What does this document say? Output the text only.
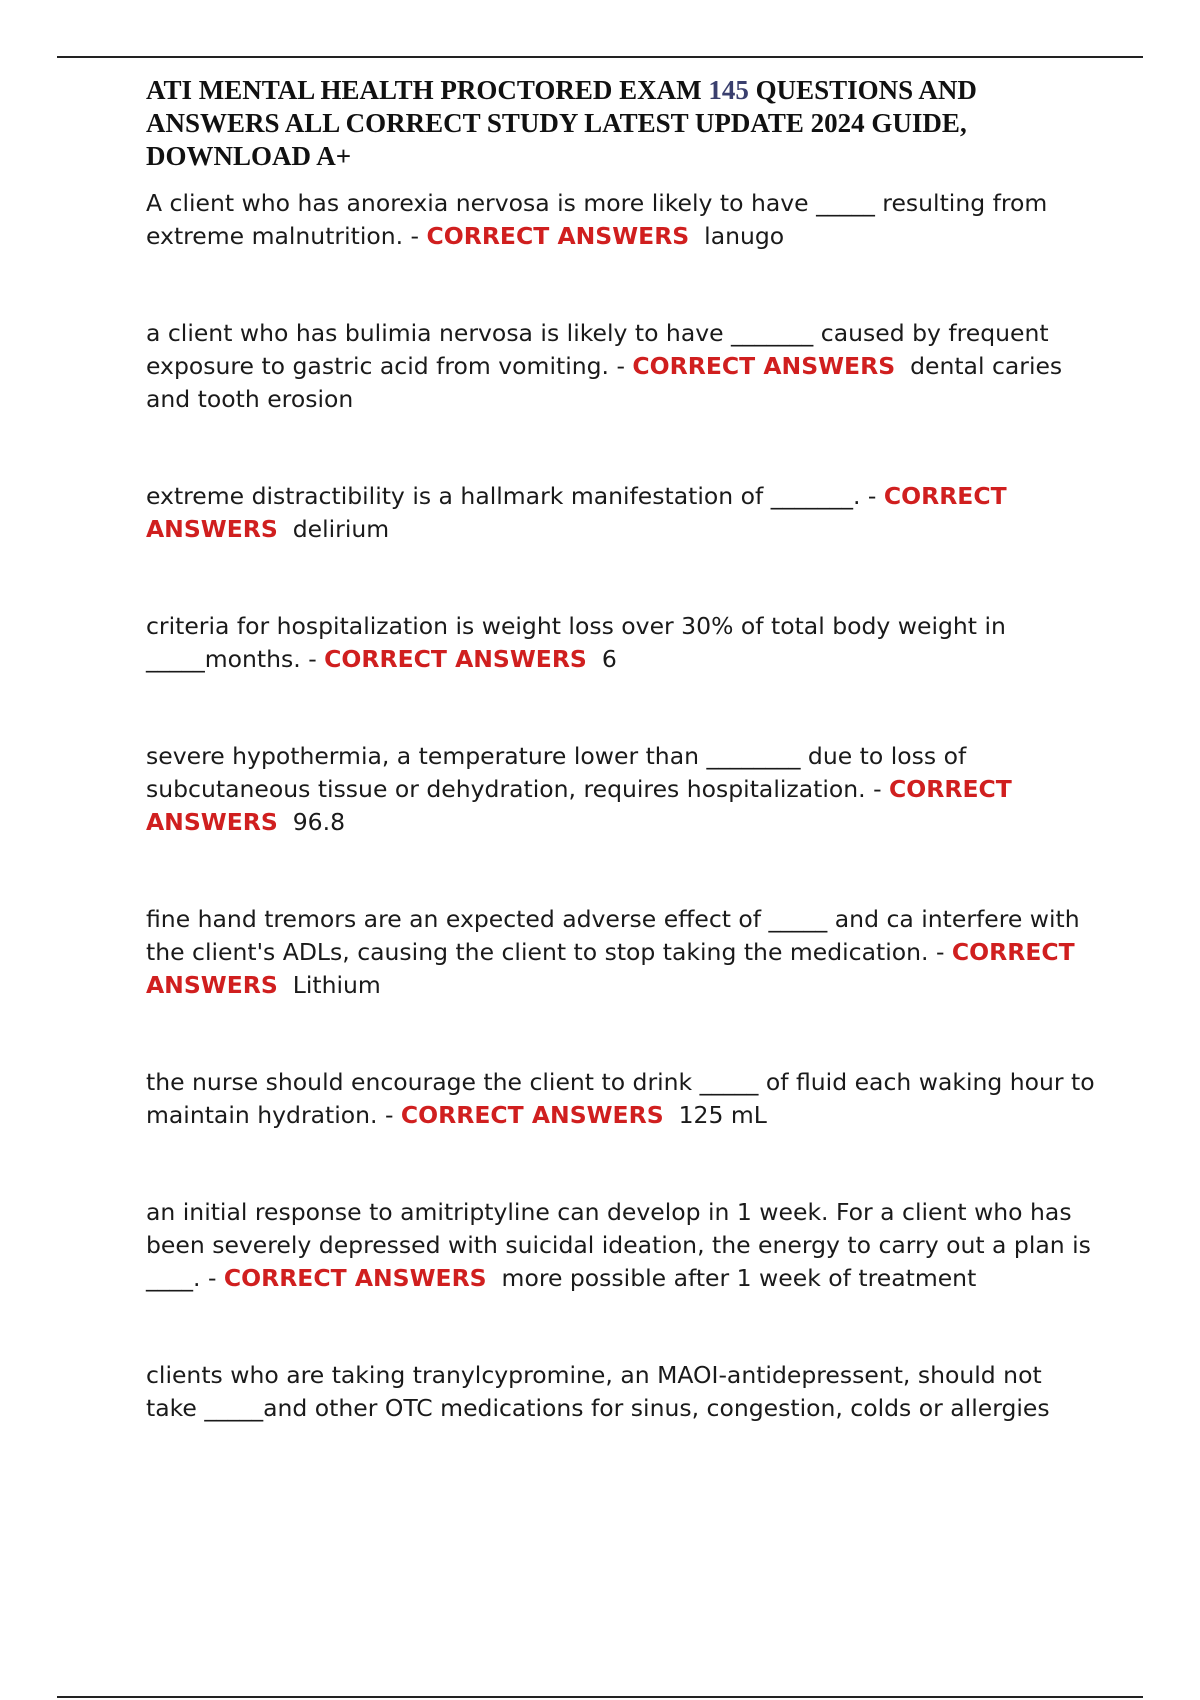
ATI MENTAL HEALTH PROCTORED EXAM 145 QUESTIONS AND ANSWERS ALL CORRECT STUDY LATEST UPDATE 2024 GUIDE, DOWNLOAD A+

A client who has anorexia nervosa is more likely to have _____ resulting from extreme malnutrition. - CORRECT ANSWERS lanugo

a client who has bulimia nervosa is likely to have _______ caused by frequent exposure to gastric acid from vomiting. - CORRECT ANSWERS dental caries and tooth erosion

extreme distractibility is a hallmark manifestation of _______. - CORRECT ANSWERS delirium

criteria for hospitalization is weight loss over 30% of total body weight in _____months. - CORRECT ANSWERS 6

severe hypothermia, a temperature lower than ________ due to loss of subcutaneous tissue or dehydration, requires hospitalization. - CORRECT ANSWERS 96.8

fine hand tremors are an expected adverse effect of _____ and ca interfere with the client's ADLs, causing the client to stop taking the medication. - CORRECT ANSWERS Lithium

the nurse should encourage the client to drink _____ of fluid each waking hour to maintain hydration. - CORRECT ANSWERS 125 mL

an initial response to amitriptyline can develop in 1 week. For a client who has been severely depressed with suicidal ideation, the energy to carry out a plan is ____. - CORRECT ANSWERS more possible after 1 week of treatment

clients who are taking tranylcypromine, an MAOI-antidepressent, should not take _____and other OTC medications for sinus, congestion, colds or allergies
